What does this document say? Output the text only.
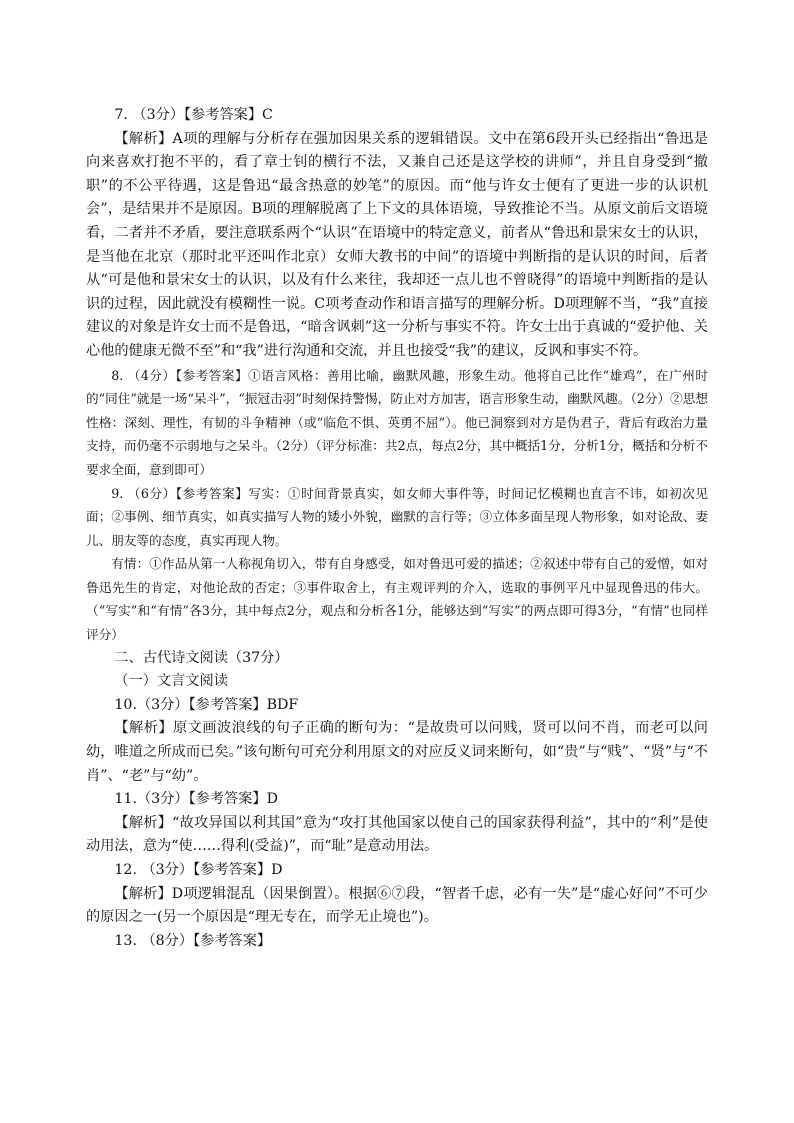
7. （3分）【参考答案】C

【解析】A项的理解与分析存在强加因果关系的逻辑错误。文中在第6段开头已经指出“鲁迅是向来喜欢打抱不平的，看了章士钊的横行不法，又兼自己还是这学校的讲师”，并且自身受到“撤职”的不公平待遇，这是鲁迅“最含热意的妙笔”的原因。而“他与许女士便有了更进一步的认识机会”，是结果并不是原因。B项的理解脱离了上下文的具体语境，导致推论不当。从原文前后文语境看，二者并不矛盾，要注意联系两个“认识”在语境中的特定意义，前者从“鲁迅和景宋女士的认识，是当他在北京（那时北平还叫作北京）女师大教书的中间”的语境中判断指的是认识的时间，后者从“可是他和景宋女士的认识，以及有什么来往，我却还一点儿也不曾晓得”的语境中判断指的是认识的过程，因此就没有模糊性一说。C项考查动作和语言描写的理解分析。D项理解不当，“我”直接建议的对象是许女士而不是鲁迅，“暗含讽刺”这一分析与事实不符。许女士出于真诚的“爱护他、关心他的健康无微不至”和“我”进行沟通和交流，并且也接受“我”的建议，反讽和事实不符。

8. （4分）【参考答案】①语言风格：善用比喻，幽默风趣，形象生动。他将自己比作“雄鸡”，在广州时的“同住”就是一场“呆斗”，“振冠击羽”时刻保持警惕，防止对方加害，语言形象生动，幽默风趣。（2分）②思想性格：深刻、理性，有韧的斗争精神（或“临危不惧、英勇不屈”）。他已洞察到对方是伪君子，背后有政治力量支持，而仍毫不示弱地与之呆斗。（2分）（评分标准：共2点，每点2分，其中概括1分，分析1分，概括和分析不要求全面，意到即可）

9. （6分）【参考答案】写实：①时间背景真实，如女师大事件等，时间记忆模糊也直言不讳，如初次见面；②事例、细节真实，如真实描写人物的矮小外貌，幽默的言行等；③立体多面呈现人物形象，如对论敌、妻儿、朋友等的态度，真实再现人物。

有情：①作品从第一人称视角切入，带有自身感受，如对鲁迅可爱的描述；②叙述中带有自己的爱憎，如对鲁迅先生的肯定，对他论敌的否定；③事件取舍上，有主观评判的介入，选取的事例平凡中显现鲁迅的伟大。（“写实”和“有情”各3分，其中每点2分，观点和分析各1分，能够达到“写实”的两点即可得3分，“有情”也同样评分）

二、古代诗文阅读（37分）

（一）文言文阅读

10.（3分）【参考答案】BDF

【解析】原文画波浪线的句子正确的断句为：“是故贵可以问贱，贤可以问不肖，而老可以问幼，唯道之所成而已矣。”该句断句可充分利用原文的对应反义词来断句，如“贵”与“贱”、“贤”与“不肖”、“老”与“幼”。

11.（3分）【参考答案】D

【解析】“故攻异国以利其国”意为“攻打其他国家以使自己的国家获得利益”，其中的“利”是使动用法，意为“使……得利(受益)”，而“耻”是意动用法。

12. （3分）【参考答案】D

【解析】D项逻辑混乱（因果倒置）。根据⑥⑦段，“智者千虑，必有一失”是“虚心好问”不可少的原因之一(另一个原因是“理无专在，而学无止境也”)。

13. （8分）【参考答案】
